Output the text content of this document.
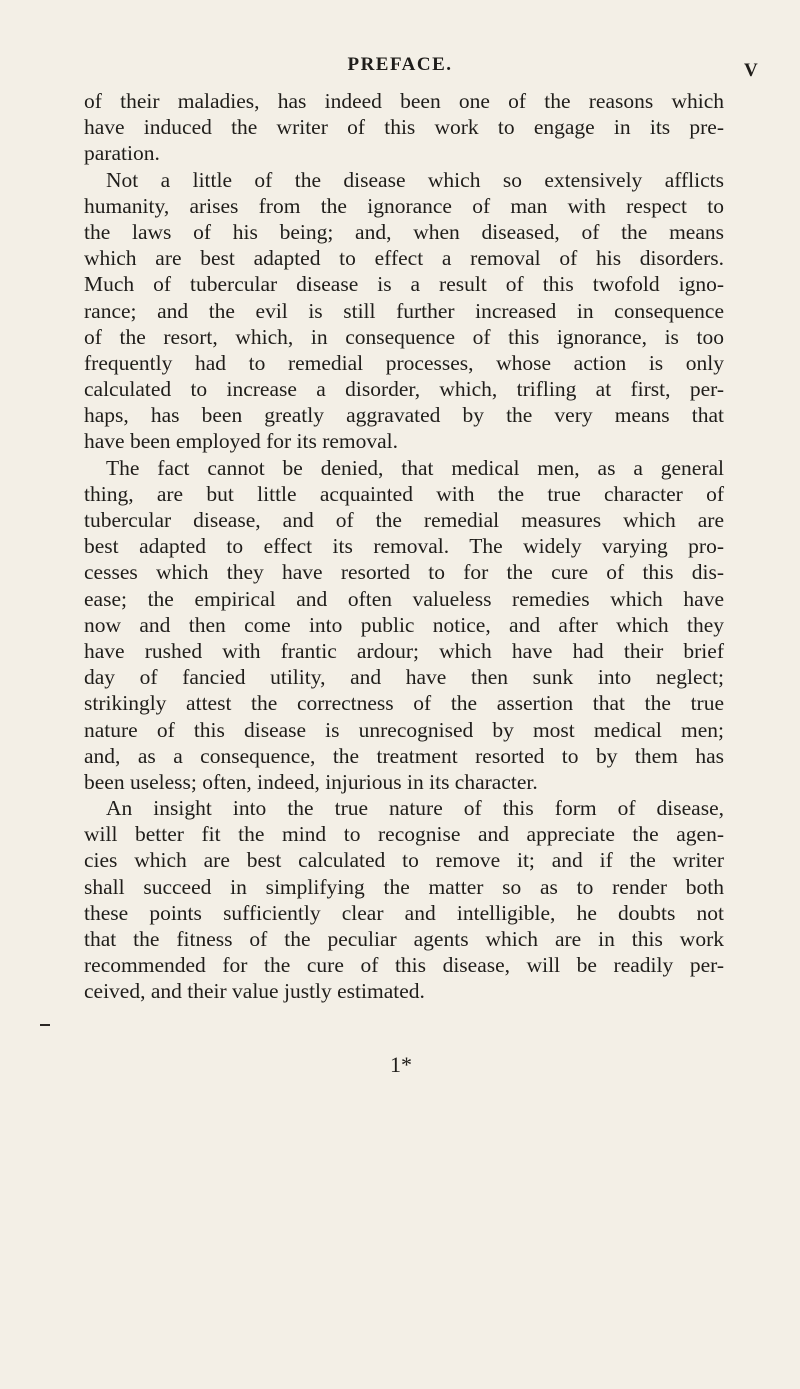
PREFACE.	V
of their maladies, has indeed been one of the reasons which
have induced the writer of this work to engage in its pre-
paration.
Not a little of the disease which so extensively afflicts
humanity, arises from the ignorance of man with respect to
the laws of his being; and, when diseased, of the means
which are best adapted to effect a removal of his disorders.
Much of tubercular disease is a result of this twofold igno-
rance; and the evil is still further increased in consequence
of the resort, which, in consequence of this ignorance, is too
frequently had to remedial processes, whose action is only
calculated to increase a disorder, which, trifling at first, per-
haps, has been greatly aggravated by the very means that
have been employed for its removal.
The fact cannot be denied, that medical men, as a general
thing, are but little acquainted with the true character of
tubercular disease, and of the remedial measures which are
best adapted to effect its removal. The widely varying pro-
cesses which they have resorted to for the cure of this dis-
ease; the empirical and often valueless remedies which have
now and then come into public notice, and after which they
have rushed with frantic ardour; which have had their brief
day of fancied utility, and have then sunk into neglect;
strikingly attest the correctness of the assertion that the true
nature of this disease is unrecognised by most medical men;
and, as a consequence, the treatment resorted to by them has
been useless; often, indeed, injurious in its character.
An insight into the true nature of this form of disease,
will better fit the mind to recognise and appreciate the agen-
cies which are best calculated to remove it; and if the writer
shall succeed in simplifying the matter so as to render both
these points sufficiently clear and intelligible, he doubts not
that the fitness of the peculiar agents which are in this work
recommended for the cure of this disease, will be readily per-
ceived, and their value justly estimated.
1*
